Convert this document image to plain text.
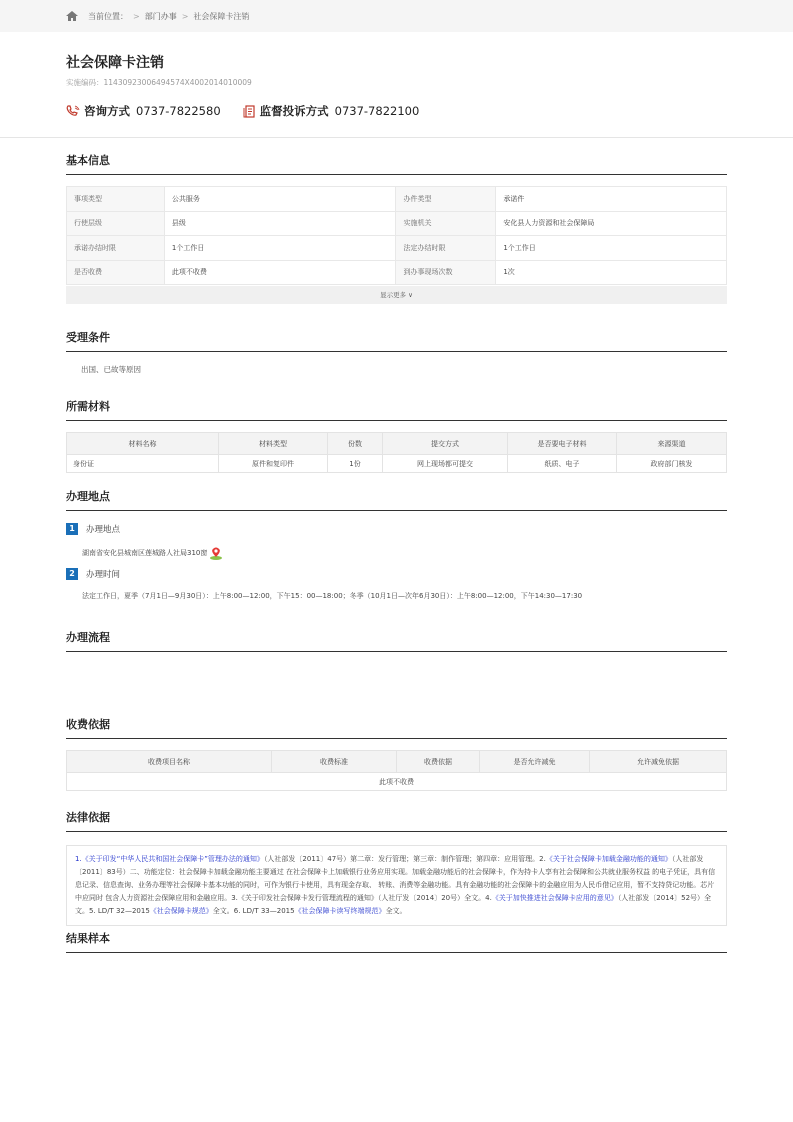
当前位置： > 部门办事 > 社会保障卡注销
社会保障卡注销
实施编码：11430923006494574X4002014010009
咨询方式 0737-7822580	监督投诉方式 0737-7822100
基本信息
事项类型	公共服务	办件类型	承诺件
行使层级	县级	实施机关	安化县人力资源和社会保障局
承诺办结时限	1个工作日	法定办结时限	1个工作日
是否收费	此项不收费	到办事现场次数	1次
显示更多 ∨
受理条件
出国、已故等原因
所需材料
材料名称	材料类型	份数	提交方式	是否要电子材料	来源渠道
身份证	原件和复印件	1份	网上现场都可提交	纸质、电子	政府部门核发
办理地点
1	办理地点
湖南省安化县城南区莲城路人社局310窗
2	办理时间
法定工作日，夏季（7月1日—9月30日）：上午8:00—12:00，下午15：00—18:00；冬季（10月1日—次年6月30日）：上午8:00—12:00，下午14:30—17:30
办理流程
收费依据
收费项目名称	收费标准	收费依据	是否允许减免	允许减免依据
此项不收费
法律依据
1.《关于印发“中华人民共和国社会保障卡”管理办法的通知》（人社部发〔2011〕47号）第二章：发行管理；第三章：制作管理；第四章：应用管理。2.《关于社会保障卡加载金融功能的通知》（人社部发〔2011〕83号）二、功能定位：社会保障卡加载金融功能主要通过 在社会保障卡上加载银行业务应用实现。加载金融功能后的社会保障卡，作为持卡人享有社会保障和公共就业服务权益 的电子凭证，具有信息记录、信息查询、业务办理等社会保障卡基本功能的同时，可作为银行卡使用，具有现金存取、 转账、消费等金融功能。具有金融功能的社会保障卡的金融应用为人民币借记应用，暂不支持贷记功能。芯片中应同时 包含人力资源社会保障应用和金融应用。3.《关于印发社会保障卡发行管理流程的通知》（人社厅发〔2014〕20号）全文。4.《关于加快推进社会保障卡应用的意见》（人社部发〔2014〕52号）全文。5. LD/T 32—2015《社会保障卡规范》全文。6. LD/T 33—2015《社会保障卡读写终端规范》全文。
结果样本
